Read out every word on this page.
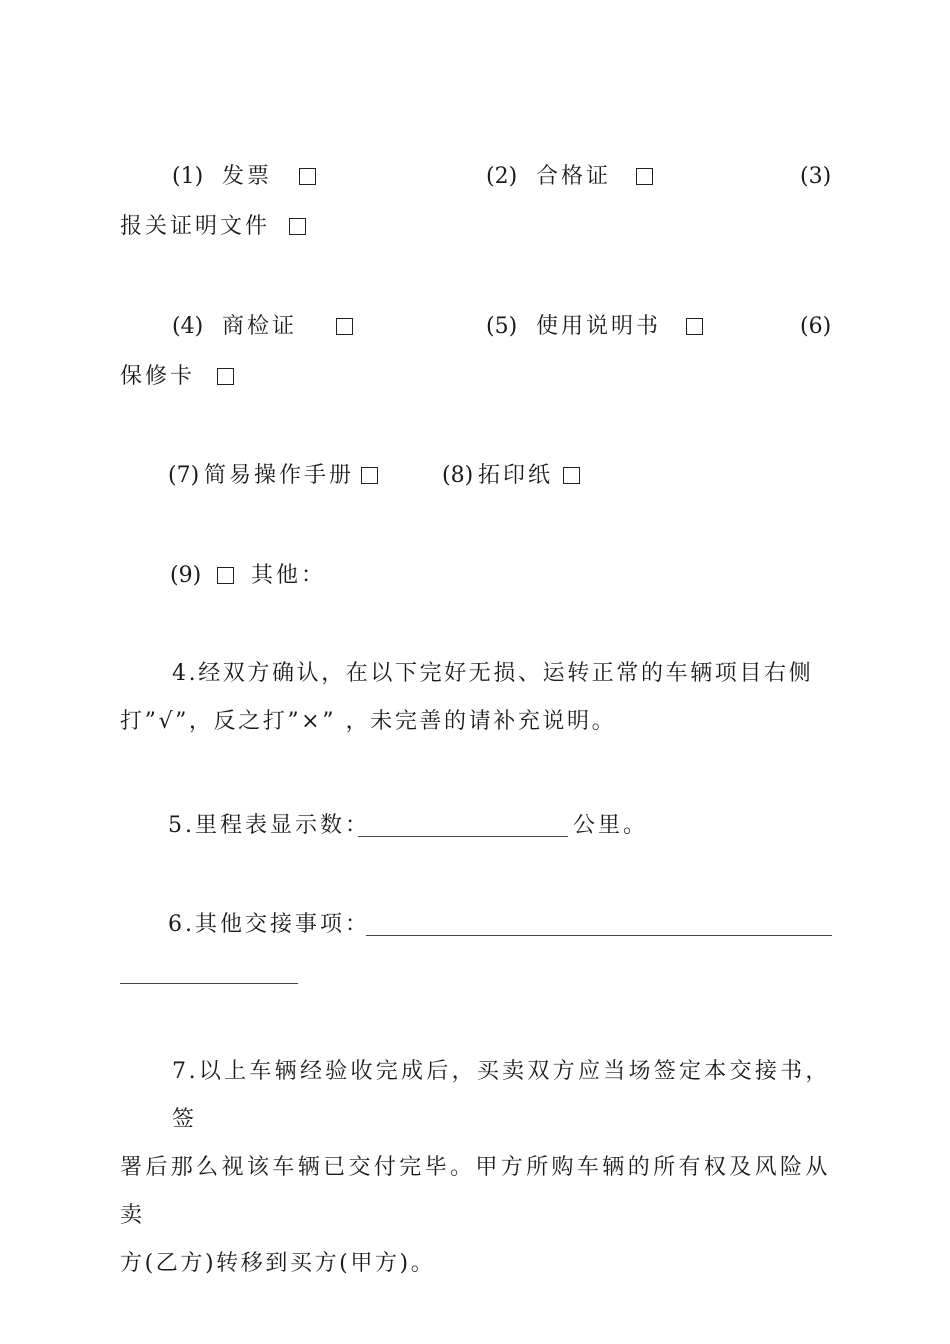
(1) 发票	(2) 合格证	(3)
报关证明文件
(4) 商检证	(5) 使用说明书	(6)
保修卡
(7) 简易操作手册	(8) 拓印纸
(9) 其他：
4.经双方确认，在以下完好无损、运转正常的车辆项目右侧
打”√”，反之打”×” ，未完善的请补充说明。
5.里程表显示数：	公里。
6.其他交接事项：
7.以上车辆经验收完成后，买卖双方应当场签定本交接书，签
署后那么视该车辆已交付完毕。甲方所购车辆的所有权及风险从卖
方(乙方)转移到买方(甲方)。
